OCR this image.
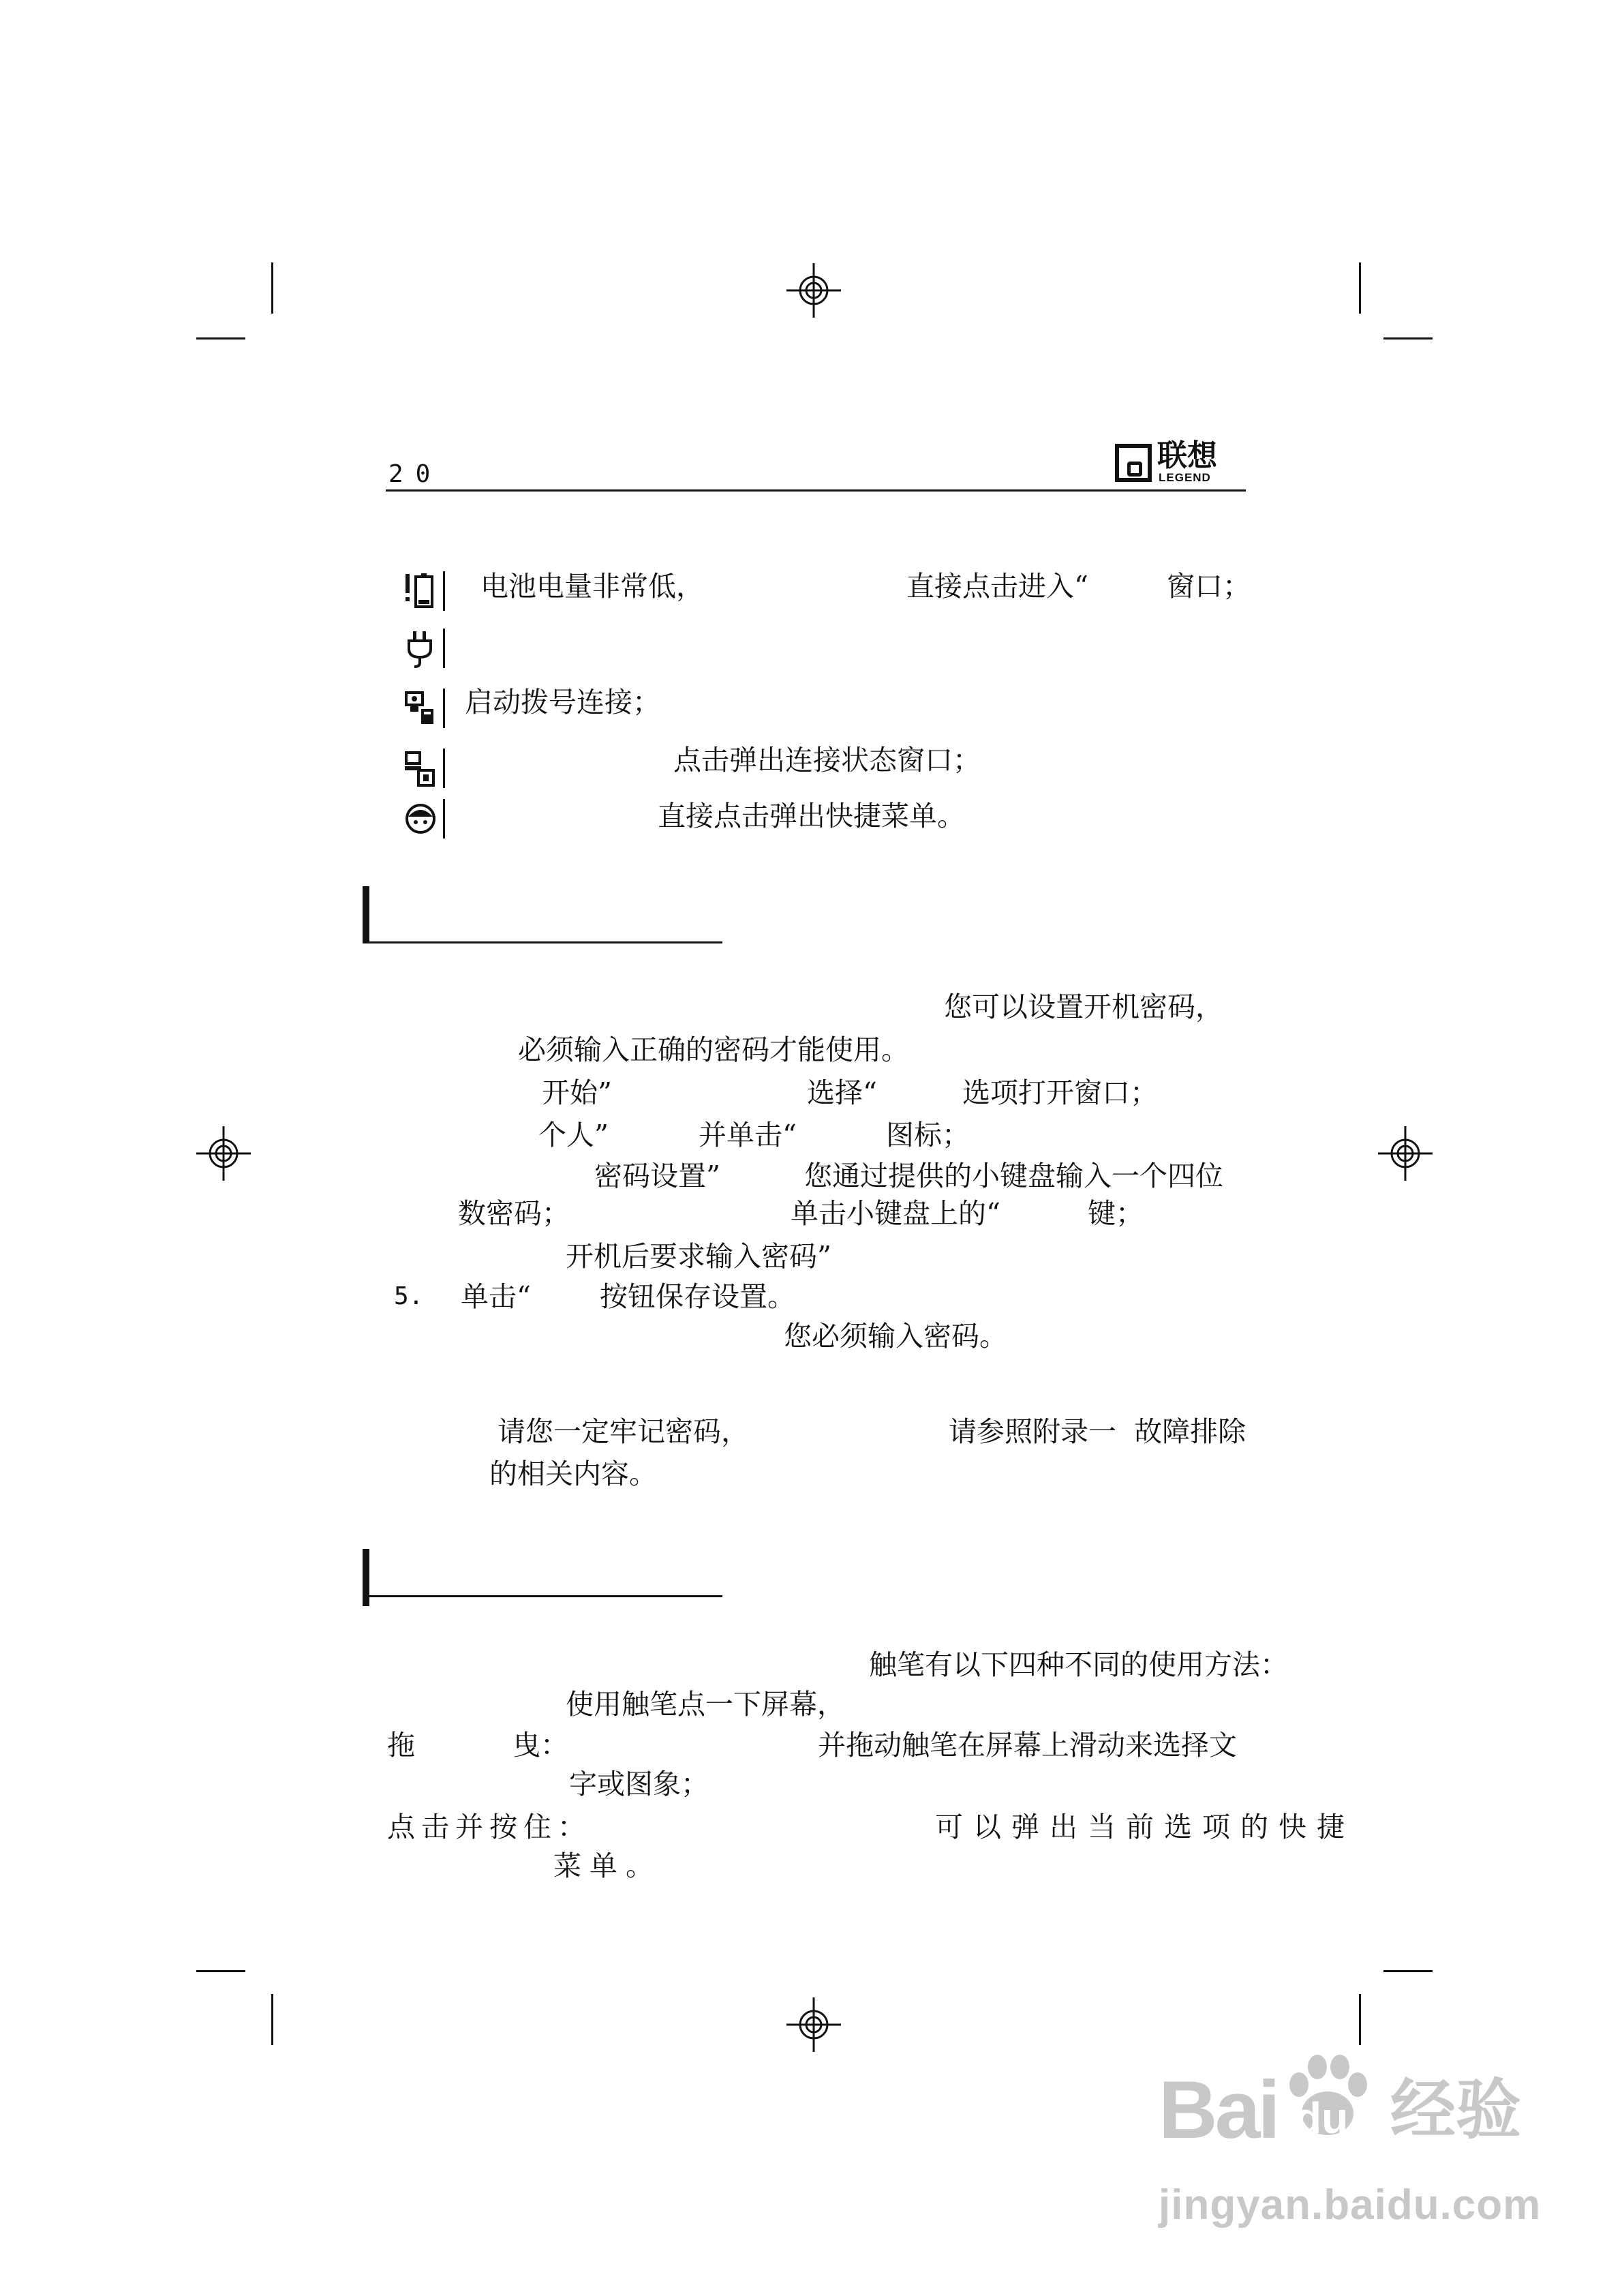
20
联想
LEGEND
电池电量非常低，	直接点击进入“	窗口；
启动拨号连接；
点击弹出连接状态窗口；
直接点击弹出快捷菜单。
您可以设置开机密码，
必须输入正确的密码才能使用。
开始”	选择“	选项打开窗口；
个人”	并单击“	图标；
密码设置”	您通过提供的小键盘输入一个四位
数密码；	单击小键盘上的“	键；
开机后要求输入密码”
5. 单击“ 按钮保存设置。
您必须输入密码。
请您一定牢记密码，	请参照附录一  故障排除
的相关内容。
触笔有以下四种不同的使用方法：
使用触笔点一下屏幕，
拖	曳：	并拖动触笔在屏幕上滑动来选择文
字或图象；
点击并按住：	可以弹出当前选项的快捷
菜单。
Bai du 经验
jingyan.baidu.com
